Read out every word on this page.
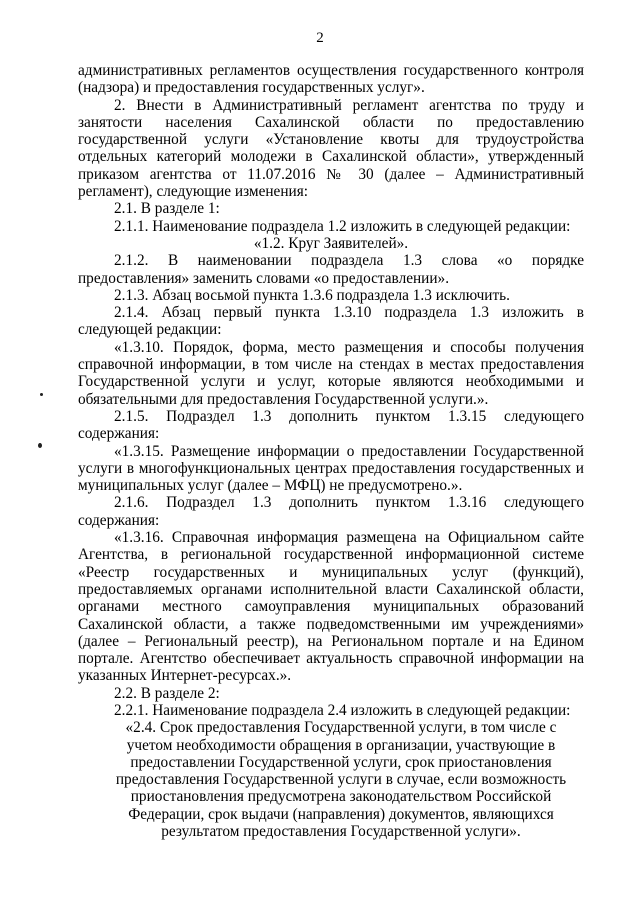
2

административных регламентов осуществления государственного контроля (надзора) и предоставления государственных услуг».

2. Внести в Административный регламент агентства по труду и занятости населения Сахалинской области по предоставлению государственной услуги «Установление квоты для трудоустройства отдельных категорий молодежи в Сахалинской области», утвержденный приказом агентства от 11.07.2016 № 30 (далее – Административный регламент), следующие изменения:

2.1. В разделе 1:

2.1.1. Наименование подраздела 1.2 изложить в следующей редакции:

«1.2. Круг Заявителей».

2.1.2. В наименовании подраздела 1.3 слова «о порядке предоставления» заменить словами «о предоставлении».

2.1.3. Абзац восьмой пункта 1.3.6 подраздела 1.3 исключить.

2.1.4. Абзац первый пункта 1.3.10 подраздела 1.3 изложить в следующей редакции:

«1.3.10. Порядок, форма, место размещения и способы получения справочной информации, в том числе на стендах в местах предоставления Государственной услуги и услуг, которые являются необходимыми и обязательными для предоставления Государственной услуги.».

2.1.5. Подраздел 1.3 дополнить пунктом 1.3.15 следующего содержания:

«1.3.15. Размещение информации о предоставлении Государственной услуги в многофункциональных центрах предоставления государственных и муниципальных услуг (далее – МФЦ) не предусмотрено.».

2.1.6. Подраздел 1.3 дополнить пунктом 1.3.16 следующего содержания:

«1.3.16. Справочная информация размещена на Официальном сайте Агентства, в региональной государственной информационной системе «Реестр государственных и муниципальных услуг (функций), предоставляемых органами исполнительной власти Сахалинской области, органами местного самоуправления муниципальных образований Сахалинской области, а также подведомственными им учреждениями» (далее – Региональный реестр), на Региональном портале и на Едином портале. Агентство обеспечивает актуальность справочной информации на указанных Интернет-ресурсах.».

2.2. В разделе 2:

2.2.1. Наименование подраздела 2.4 изложить в следующей редакции:

«2.4. Срок предоставления Государственной услуги, в том числе с учетом необходимости обращения в организации, участвующие в предоставлении Государственной услуги, срок приостановления предоставления Государственной услуги в случае, если возможность приостановления предусмотрена законодательством Российской Федерации, срок выдачи (направления) документов, являющихся результатом предоставления Государственной услуги».
